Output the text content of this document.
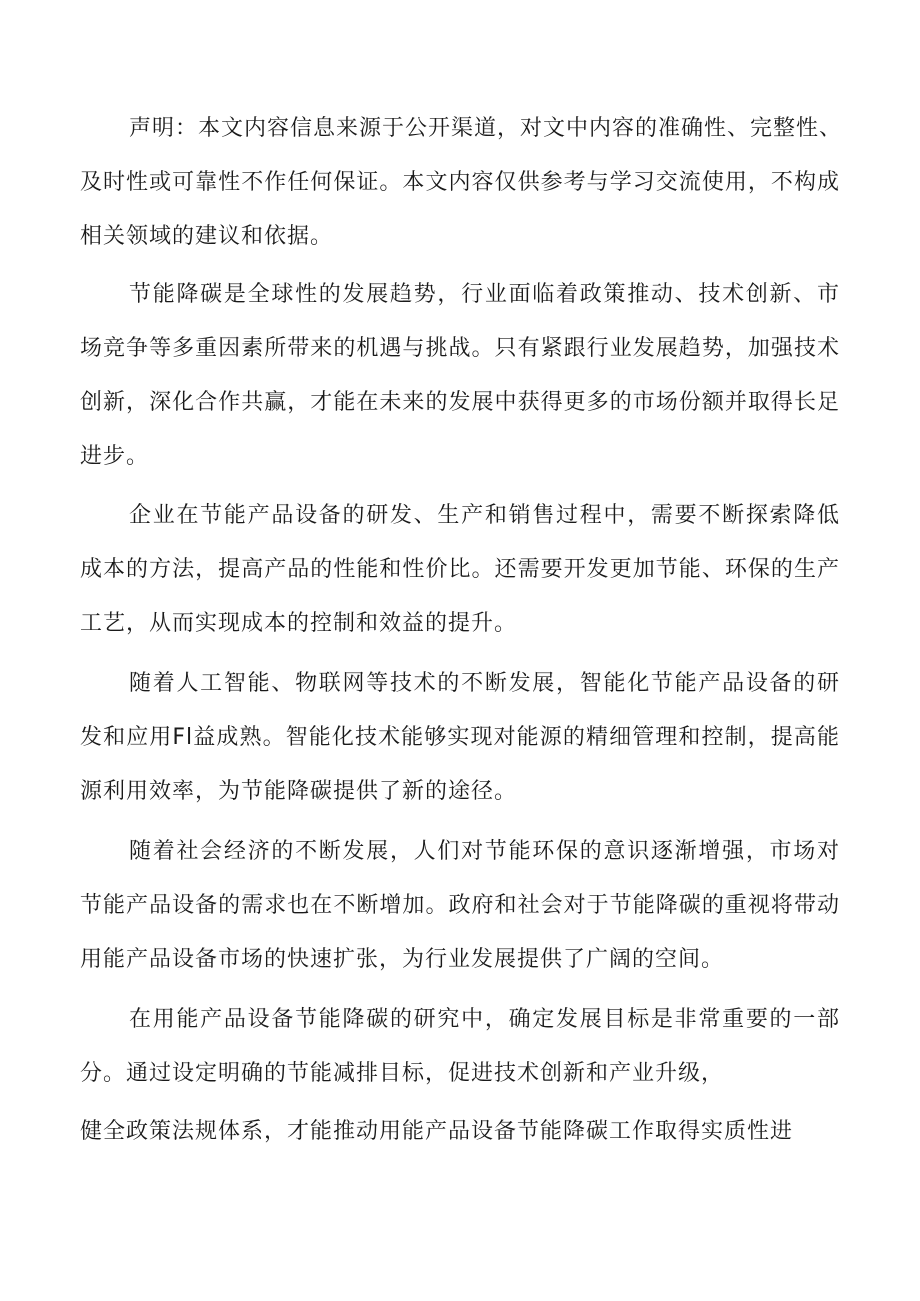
声明：本文内容信息来源于公开渠道，对文中内容的准确性、完整性、
及时性或可靠性不作任何保证。本文内容仅供参考与学习交流使用，不构成
相关领域的建议和依据。
节能降碳是全球性的发展趋势，行业面临着政策推动、技术创新、市
场竞争等多重因素所带来的机遇与挑战。只有紧跟行业发展趋势，加强技术
创新，深化合作共赢，才能在未来的发展中获得更多的市场份额并取得长足
进步。
企业在节能产品设备的研发、生产和销售过程中，需要不断探索降低
成本的方法，提高产品的性能和性价比。还需要开发更加节能、环保的生产
工艺，从而实现成本的控制和效益的提升。
随着人工智能、物联网等技术的不断发展，智能化节能产品设备的研
发和应用Fl益成熟。智能化技术能够实现对能源的精细管理和控制，提高能
源利用效率，为节能降碳提供了新的途径。
随着社会经济的不断发展，人们对节能环保的意识逐渐增强，市场对
节能产品设备的需求也在不断增加。政府和社会对于节能降碳的重视将带动
用能产品设备市场的快速扩张，为行业发展提供了广阔的空间。
在用能产品设备节能降碳的研究中，确定发展目标是非常重要的一部
分。通过设定明确的节能减排目标，促进技术创新和产业升级，
健全政策法规体系，才能推动用能产品设备节能降碳工作取得实质性进
